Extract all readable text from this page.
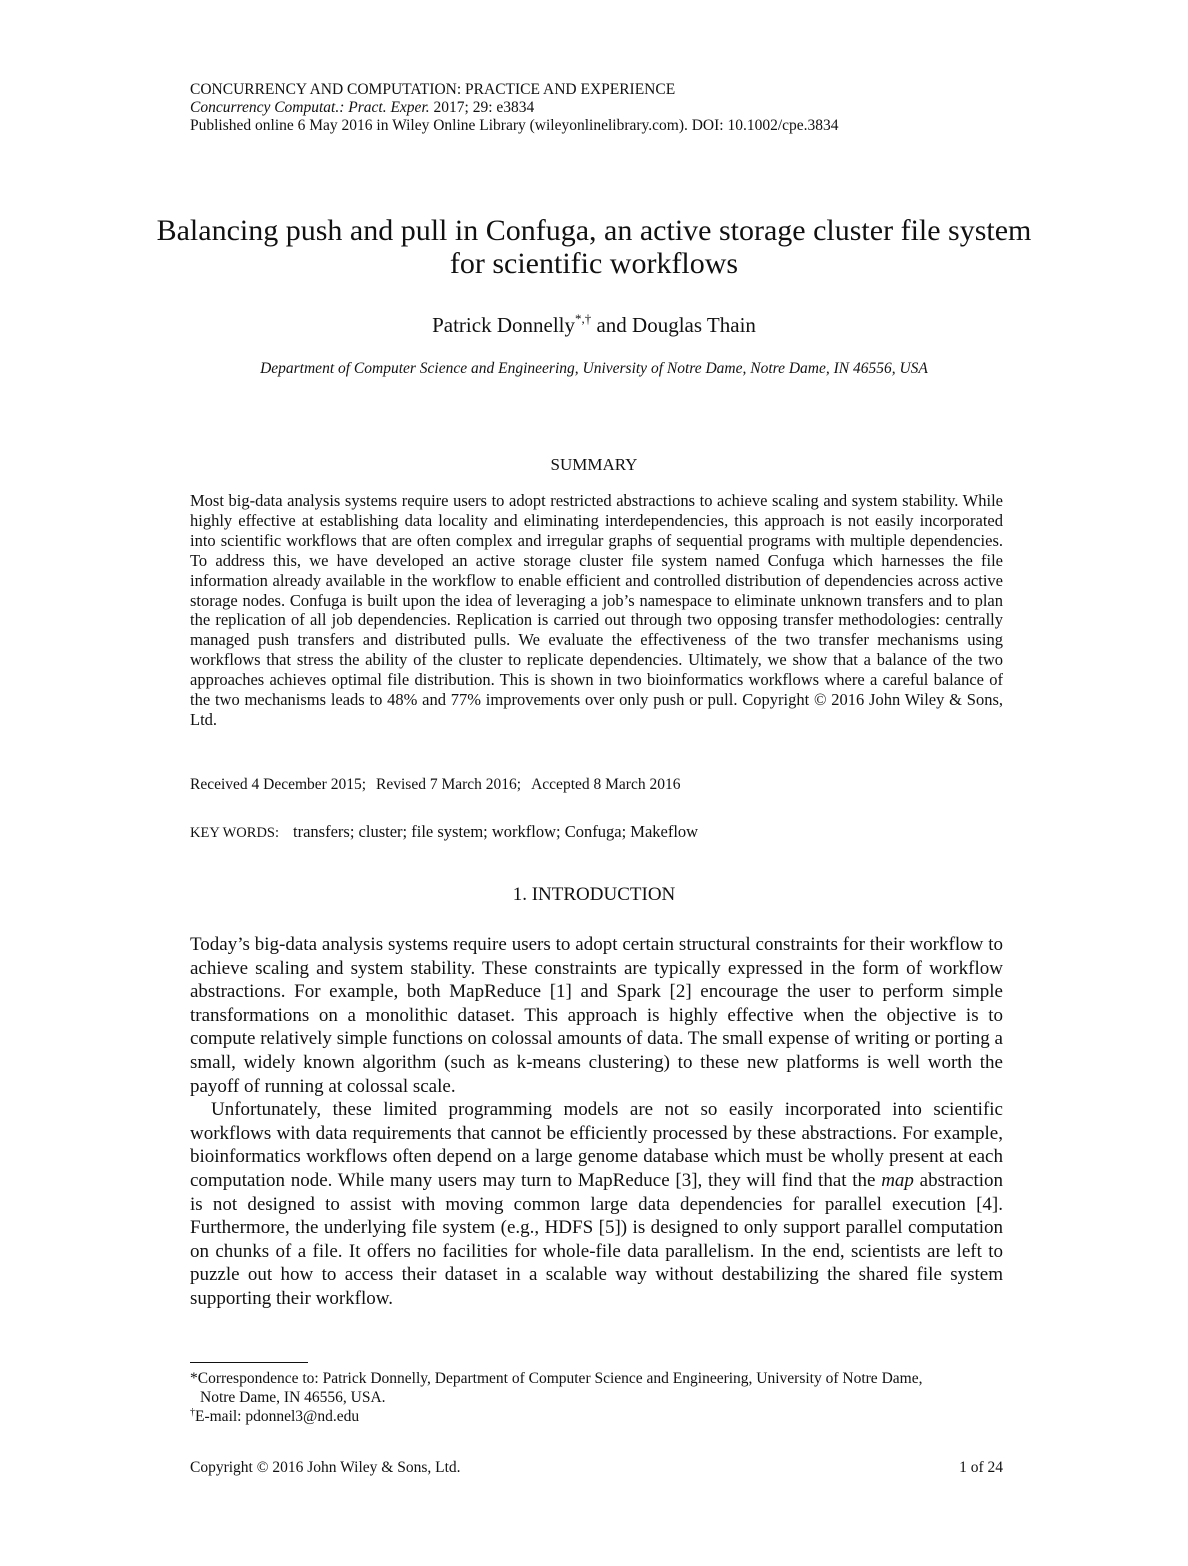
CONCURRENCY AND COMPUTATION: PRACTICE AND EXPERIENCE
Concurrency Computat.: Pract. Exper. 2017; 29: e3834
Published online 6 May 2016 in Wiley Online Library (wileyonlinelibrary.com). DOI: 10.1002/cpe.3834
Balancing push and pull in Confuga, an active storage cluster file system for scientific workflows
Patrick Donnelly*,† and Douglas Thain
Department of Computer Science and Engineering, University of Notre Dame, Notre Dame, IN 46556, USA
SUMMARY
Most big-data analysis systems require users to adopt restricted abstractions to achieve scaling and system stability. While highly effective at establishing data locality and eliminating interdependencies, this approach is not easily incorporated into scientific workflows that are often complex and irregular graphs of sequential programs with multiple dependencies. To address this, we have developed an active storage cluster file system named Confuga which harnesses the file information already available in the workflow to enable efficient and controlled distribution of dependencies across active storage nodes. Confuga is built upon the idea of leveraging a job’s namespace to eliminate unknown transfers and to plan the replication of all job dependencies. Replication is carried out through two opposing transfer methodologies: centrally managed push transfers and distributed pulls. We evaluate the effectiveness of the two transfer mechanisms using workflows that stress the ability of the cluster to replicate dependencies. Ultimately, we show that a balance of the two approaches achieves optimal file distribution. This is shown in two bioinformatics workflows where a careful balance of the two mechanisms leads to 48% and 77% improvements over only push or pull. Copyright © 2016 John Wiley & Sons, Ltd.
Received 4 December 2015; Revised 7 March 2016; Accepted 8 March 2016
KEY WORDS: transfers; cluster; file system; workflow; Confuga; Makeflow
1. INTRODUCTION

Today’s big-data analysis systems require users to adopt certain structural constraints for their workflow to achieve scaling and system stability. These constraints are typically expressed in the form of workflow abstractions. For example, both MapReduce [1] and Spark [2] encourage the user to perform simple transformations on a monolithic dataset. This approach is highly effective when the objective is to compute relatively simple functions on colossal amounts of data. The small expense of writing or porting a small, widely known algorithm (such as k-means clustering) to these new platforms is well worth the payoff of running at colossal scale.

Unfortunately, these limited programming models are not so easily incorporated into scientific workflows with data requirements that cannot be efficiently processed by these abstractions. For example, bioinformatics workflows often depend on a large genome database which must be wholly present at each computation node. While many users may turn to MapReduce [3], they will find that the map abstraction is not designed to assist with moving common large data dependencies for parallel execution [4]. Furthermore, the underlying file system (e.g., HDFS [5]) is designed to only support parallel computation on chunks of a file. It offers no facilities for whole-file data parallelism. In the end, scientists are left to puzzle out how to access their dataset in a scalable way without destabilizing the shared file system supporting their workflow.

*Correspondence to: Patrick Donnelly, Department of Computer Science and Engineering, University of Notre Dame,
Notre Dame, IN 46556, USA.
†E-mail: pdonnel3@nd.edu
Copyright © 2016 John Wiley & Sons, Ltd.	1 of 24
